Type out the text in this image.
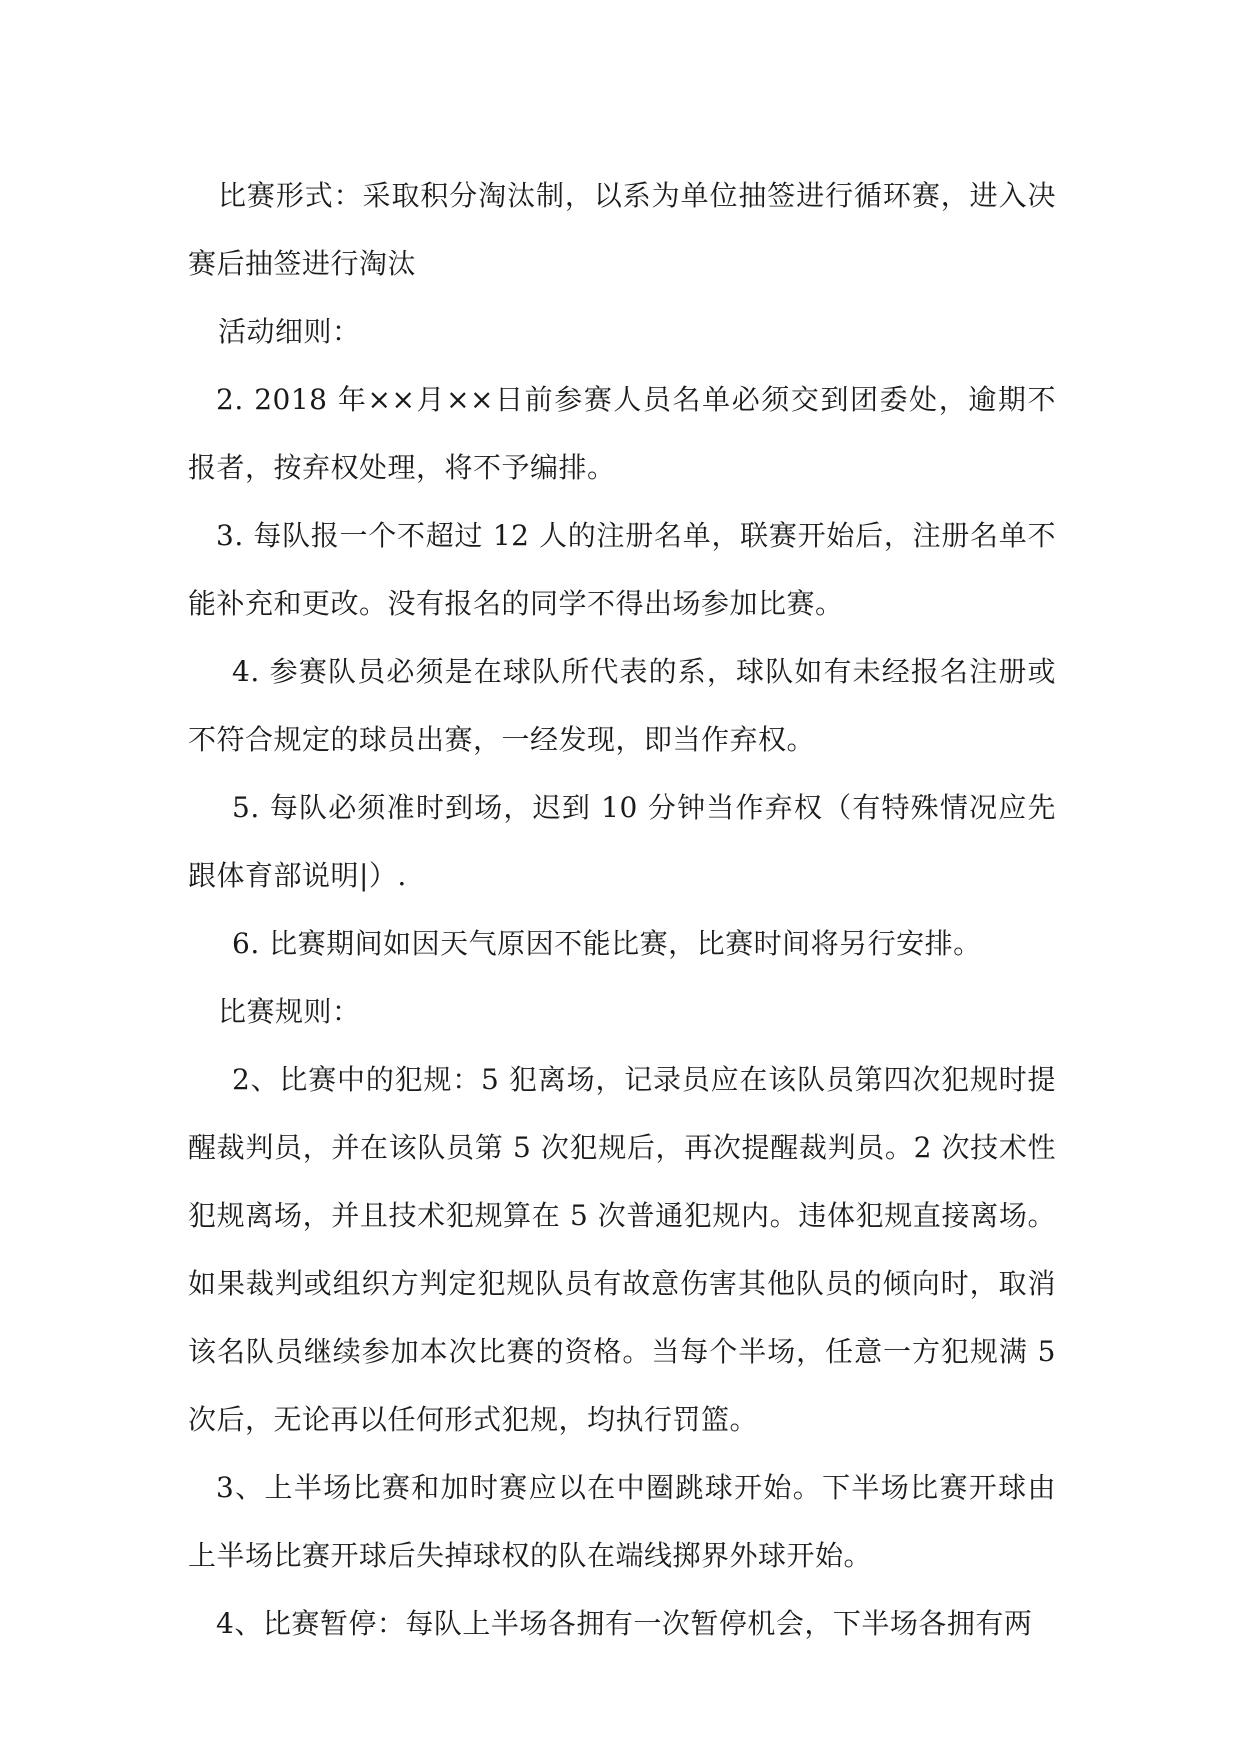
比赛形式：采取积分淘汰制，以系为单位抽签进行循环赛，进入决赛后抽签进行淘汰

活动细则：

2. 2018 年××月××日前参赛人员名单必须交到团委处，逾期不报者，按弃权处理，将不予编排。

3. 每队报一个不超过 12 人的注册名单，联赛开始后，注册名单不能补充和更改。没有报名的同学不得出场参加比赛。

4. 参赛队员必须是在球队所代表的系，球队如有未经报名注册或不符合规定的球员出赛，一经发现，即当作弃权。

5. 每队必须准时到场，迟到 10 分钟当作弃权（有特殊情况应先跟体育部说明|）.

6. 比赛期间如因天气原因不能比赛，比赛时间将另行安排。

比赛规则：

2、比赛中的犯规：5 犯离场，记录员应在该队员第四次犯规时提醒裁判员，并在该队员第 5 次犯规后，再次提醒裁判员。2 次技术性犯规离场，并且技术犯规算在 5 次普通犯规内。违体犯规直接离场。如果裁判或组织方判定犯规队员有故意伤害其他队员的倾向时，取消该名队员继续参加本次比赛的资格。当每个半场，任意一方犯规满 5 次后，无论再以任何形式犯规，均执行罚篮。

3、上半场比赛和加时赛应以在中圈跳球开始。下半场比赛开球由上半场比赛开球后失掉球权的队在端线掷界外球开始。

4、比赛暂停：每队上半场各拥有一次暂停机会，下半场各拥有两
